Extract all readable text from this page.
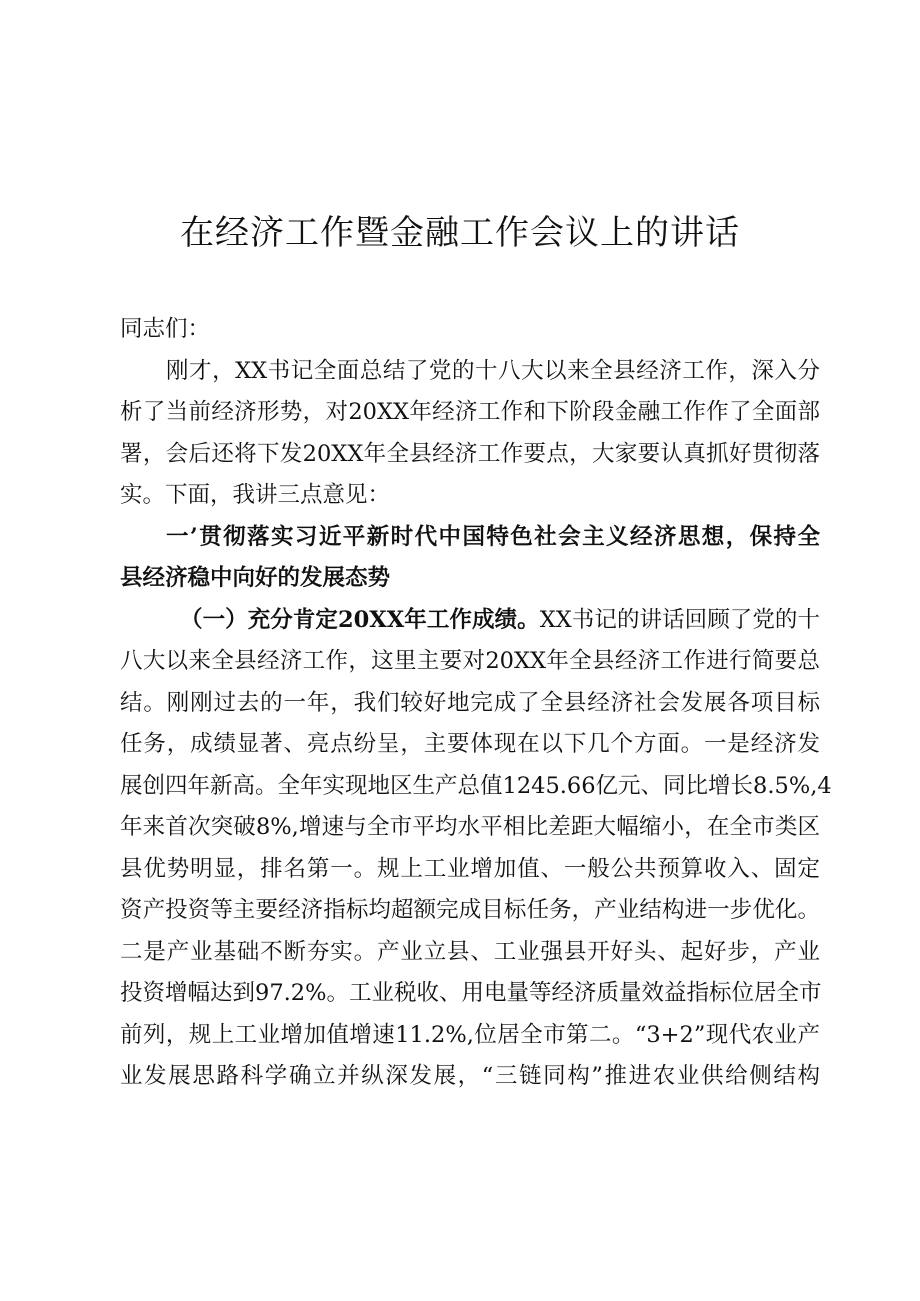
在经济工作暨金融工作会议上的讲话
同志们：
刚才，XX书记全面总结了党的十八大以来全县经济工作，深入分
析了当前经济形势，对20XX年经济工作和下阶段金融工作作了全面部
署，会后还将下发20XX年全县经济工作要点，大家要认真抓好贯彻落
实。下面，我讲三点意见：
一’贯彻落实习近平新时代中国特色社会主义经济思想，保持全
县经济稳中向好的发展态势
（一）充分肯定20XX年工作成绩。XX书记的讲话回顾了党的十
八大以来全县经济工作，这里主要对20XX年全县经济工作进行简要总
结。刚刚过去的一年，我们较好地完成了全县经济社会发展各项目标
任务，成绩显著、亮点纷呈，主要体现在以下几个方面。一是经济发
展创四年新高。全年实现地区生产总值1245.66亿元、同比增长8.5%,4
年来首次突破8%,增速与全市平均水平相比差距大幅缩小，在全市类区
县优势明显，排名第一。规上工业增加值、一般公共预算收入、固定
资产投资等主要经济指标均超额完成目标任务，产业结构进一步优化。
二是产业基础不断夯实。产业立县、工业强县开好头、起好步，产业
投资增幅达到97.2%。工业税收、用电量等经济质量效益指标位居全市
前列，规上工业增加值增速11.2%,位居全市第二。“3+2”现代农业产
业发展思路科学确立并纵深发展，“三链同构”推进农业供给侧结构
